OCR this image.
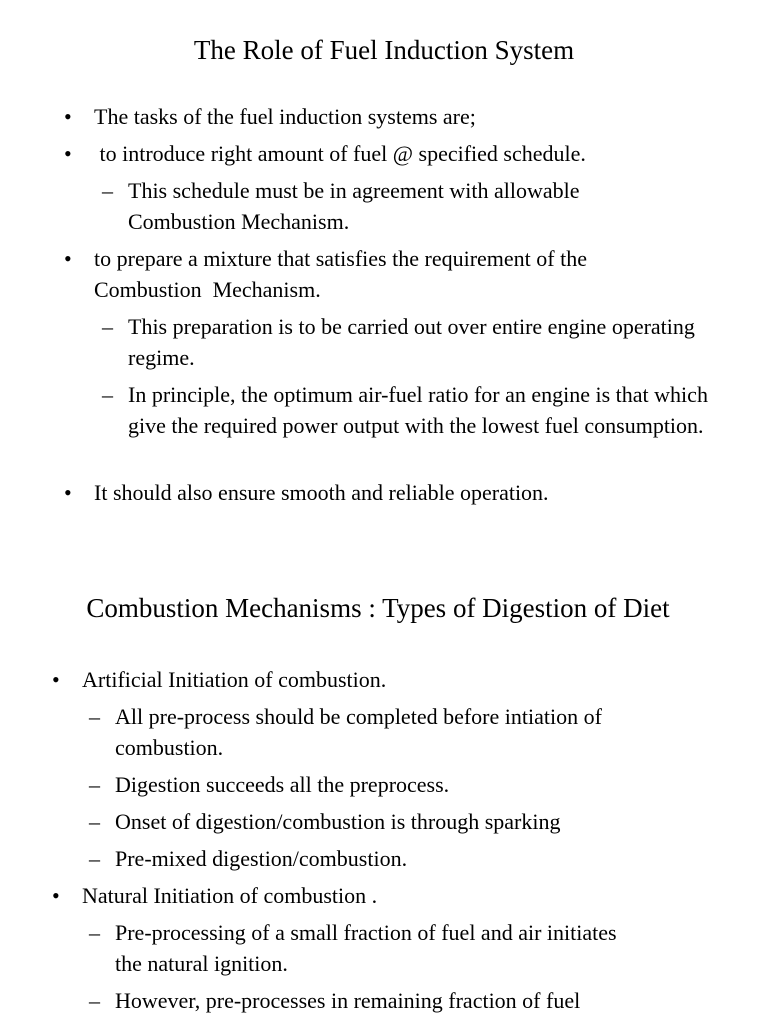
The Role of Fuel Induction System
• The tasks of the fuel induction systems are;

• to introduce right amount of fuel @ specified schedule.

– This schedule must be in agreement with allowable Combustion Mechanism.

• to prepare a mixture that satisfies the requirement of the Combustion  Mechanism.

– This preparation is to be carried out over entire engine operating regime.

– In principle, the optimum air-fuel ratio for an engine is that which give the required power output with the lowest fuel consumption.

• It should also ensure smooth and reliable operation.

Combustion Mechanisms : Types of Digestion of Diet
• Artificial Initiation of combustion.

– All pre-process should be completed before intiation of combustion.

– Digestion succeeds all the preprocess.

– Onset of digestion/combustion is through sparking

– Pre-mixed digestion/combustion.

• Natural Initiation of combustion .

– Pre-processing of a small fraction of fuel and air initiates the natural ignition.

– However, pre-processes in remaining fraction of fuel
